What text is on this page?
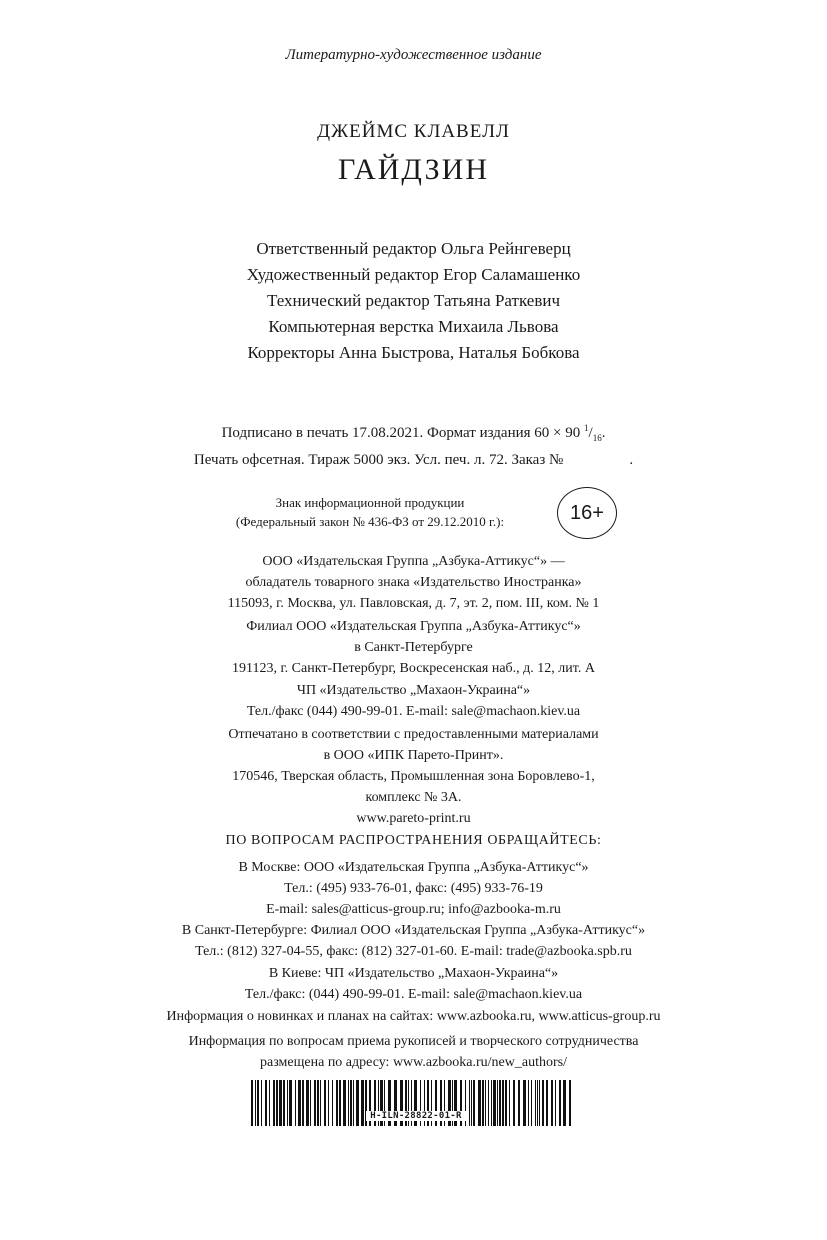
Литературно-художественное издание
ДЖЕЙМС КЛАВЕЛЛ
ГАЙДЗИН
Ответственный редактор Ольга Рейнгеверц
Художественный редактор Егор Саламашенко
Технический редактор Татьяна Раткевич
Компьютерная верстка Михаила Львова
Корректоры Анна Быстрова, Наталья Бобкова
Подписано в печать 17.08.2021. Формат издания 60 × 90 $^1/_{16}$.
Печать офсетная. Тираж 5000 экз. Усл. печ. л. 72. Заказ №	.
Знак информационной продукции
(Федеральный закон № 436-ФЗ от 29.12.2010 г.):	16+
ООО «Издательская Группа „Азбука-Аттикус“» —
обладатель товарного знака «Издательство Иностранка»
115093, г. Москва, ул. Павловская, д. 7, эт. 2, пом. III, ком. № 1
Филиал ООО «Издательская Группа „Азбука-Аттикус“»
в Санкт-Петербурге
191123, г. Санкт-Петербург, Воскресенская наб., д. 12, лит. А
ЧП «Издательство „Махаон-Украина“»
Тел./факс (044) 490-99-01. E-mail: sale@machaon.kiev.ua
Отпечатано в соответствии с предоставленными материалами
в ООО «ИПК Парето-Принт».
170546, Тверская область, Промышленная зона Боровлево-1,
комплекс № 3А.
www.pareto-print.ru
ПО ВОПРОСАМ РАСПРОСТРАНЕНИЯ ОБРАЩАЙТЕСЬ:
В Москве: ООО «Издательская Группа „Азбука-Аттикус“»
Тел.: (495) 933-76-01, факс: (495) 933-76-19
E-mail: sales@atticus-group.ru; info@azbooka-m.ru
В Санкт-Петербурге: Филиал ООО «Издательская Группа „Азбука-Аттикус“»
Тел.: (812) 327-04-55, факс: (812) 327-01-60. E-mail: trade@azbooka.spb.ru
В Киеве: ЧП «Издательство „Махаон-Украина“»
Тел./факс: (044) 490-99-01. E-mail: sale@machaon.kiev.ua
Информация о новинках и планах на сайтах: www.azbooka.ru, www.atticus-group.ru
Информация по вопросам приема рукописей и творческого сотрудничества
размещена по адресу: www.azbooka.ru/new_authors/
H-ILN-28822-01-R
